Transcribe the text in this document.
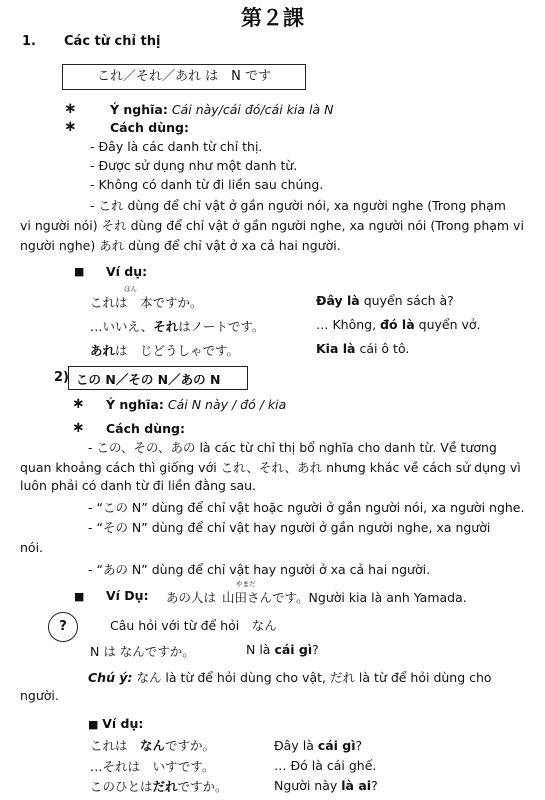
第２課
1. Các từ chỉ thị
これ／それ／あれ は　N です
∗	Ý nghĩa: Cái này/cái đó/cái kia là N
∗	Cách dùng:
- Đây là các danh từ chỉ thị.
- Được sử dụng như một danh từ.
- Không có danh từ đi liền sau chúng.
- これ dùng để chỉ vật ở gần người nói, xa người nghe (Trong phạm
vi người nói) それ dùng để chỉ vật ở gần người nghe, xa người nói (Trong phạm vi
người nghe) あれ dùng để chỉ vật ở xa cả hai người.
■ Ví dụ:
ほん
これは　本ですか。	Đây là quyển sách à?
…いいえ、それはノートです。	… Không, đó là quyển vở.
あれは　じどうしゃです。	Kia là cái ô tô.
2) この N／その N／あの N
∗ Ý nghĩa: Cái N này / đó / kia
∗ Cách dùng:
- この、その、あの là các từ chỉ thị bổ nghĩa cho danh từ. Về tương
quan khoảng cách thì giống với これ、それ、あれ nhưng khác về cách sử dụng vì
luôn phải có danh từ đi liền đằng sau.
- “この N” dùng để chỉ vật hoặc người ở gần người nói, xa người nghe.
- “その N” dùng để chỉ vật hay người ở gần người nghe, xa người
nói.
- “あの N” dùng để chỉ vật hay người ở xa cả hai người.
■ Ví Dụ:
やまだ
あの人は 山田さんです。Người kia là anh Yamada.
?	Câu hỏi với từ để hỏi　なん
N は なんですか。	N là cái gì?
Chú ý: なん là từ để hỏi dùng cho vật, だれ là từ để hỏi dùng cho
người.
■ Ví dụ:
これは　なんですか。	Đây là cái gì?
…それは　いすです。	… Đó là cái ghế.
このひとはだれですか。	Người này là ai?
